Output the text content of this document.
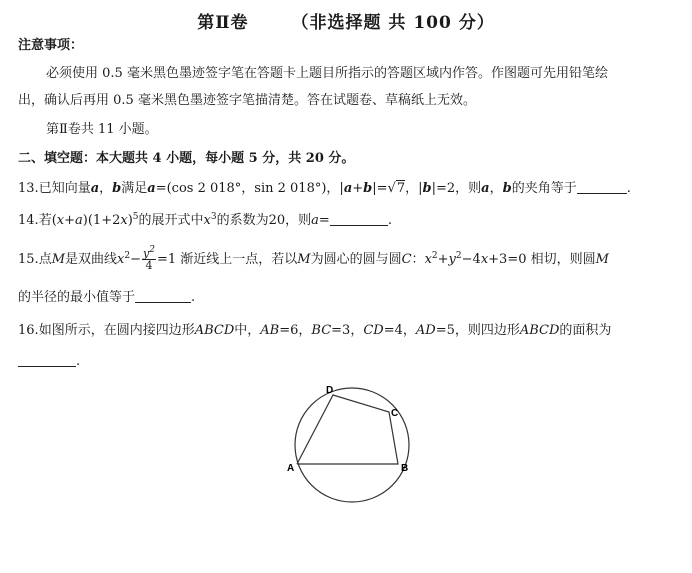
第Ⅱ卷	（非选择题 共 100 分）
注意事项：
必须使用 0.5 毫米黑色墨迹签字笔在答题卡上题目所指示的答题区域内作答。作图题可先用铅笔绘
出，确认后再用 0.5 毫米黑色墨迹签字笔描清楚。答在试题卷、草稿纸上无效。
第Ⅱ卷共 11 小题。
二、填空题：本大题共 4 小题，每小题 5 分，共 20 分。
13.已知向量a，b满足a=(cos 2 018°，sin 2 018°)，|a+b|=√7，|b|=2，则a，b的夹角等于	.
14.若$(x+a)(1+2x)^5$的展开式中$x^3$的系数为20，则a=	.
15.点M是双曲线$x^2- \frac{y^2}{4} =1$ 渐近线上一点，若以M为圆心的圆与圆C：$x^2+y^2-4x+3=0$ 相切，则圆M
的半径的最小值等于	.
16.如图所示，在圆内接四边形ABCD中，AB=6，BC=3，CD=4，AD=5，则四边形ABCD的面积为
.
A	B
C
D
